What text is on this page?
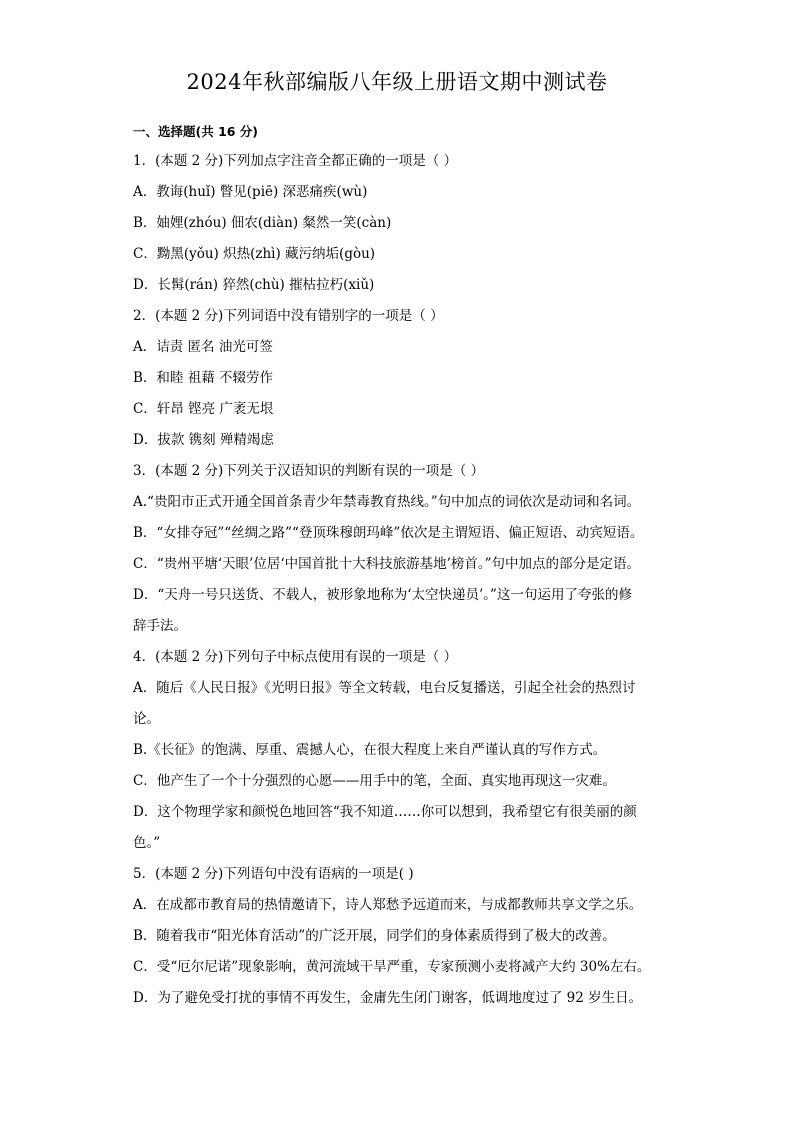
2024年秋部编版八年级上册语文期中测试卷
一、选择题(共 16 分)
1．(本题 2 分)下列加点字注音全都正确的一项是（ ）
A．教诲(huǐ) 瞥见(piē) 深恶痛疾(wù)
B．妯娌(zhóu) 佃农(diàn) 粲然一笑(càn)
C．黝黑(yǒu) 炽热(zhì) 藏污纳垢(gòu)
D．长髯(rán) 猝然(chù) 摧枯拉朽(xiǔ)
2．(本题 2 分)下列词语中没有错别字的一项是（ ）
A．诘责 匿名 油光可签
B．和睦 祖藉 不辍劳作
C．轩昂 铿亮 广袤无垠
D．拔款 镌刻 殚精竭虑
3．(本题 2 分)下列关于汉语知识的判断有误的一项是（ ）
A.“贵阳市正式开通全国首条青少年禁毒教育热线。”句中加点的词依次是动词和名词。
B．“女排夺冠”“丝绸之路”“登顶珠穆朗玛峰”依次是主谓短语、偏正短语、动宾短语。
C．“贵州平塘‘天眼’位居‘中国首批十大科技旅游基地’榜首。”句中加点的部分是定语。
D．“天舟一号只送货、不载人，被形象地称为‘太空快递员’。”这一句运用了夸张的修
辞手法。
4．(本题 2 分)下列句子中标点使用有误的一项是（ ）
A．随后《人民日报》《光明日报》等全文转载，电台反复播送，引起全社会的热烈讨
论。
B.《长征》的饱满、厚重、震撼人心，在很大程度上来自严谨认真的写作方式。
C．他产生了一个十分强烈的心愿——用手中的笔，全面、真实地再现这一灾难。
D．这个物理学家和颜悦色地回答“我不知道……你可以想到，我希望它有很美丽的颜
色。”
5．(本题 2 分)下列语句中没有语病的一项是( )
A．在成都市教育局的热情邀请下，诗人郑愁予远道而来，与成都教师共享文学之乐。
B．随着我市“阳光体育活动”的广泛开展，同学们的身体素质得到了极大的改善。
C．受“厄尔尼诺”现象影响，黄河流域干旱严重，专家预测小麦将减产大约 30%左右。
D．为了避免受打扰的事情不再发生，金庸先生闭门谢客，低调地度过了 92 岁生日。
